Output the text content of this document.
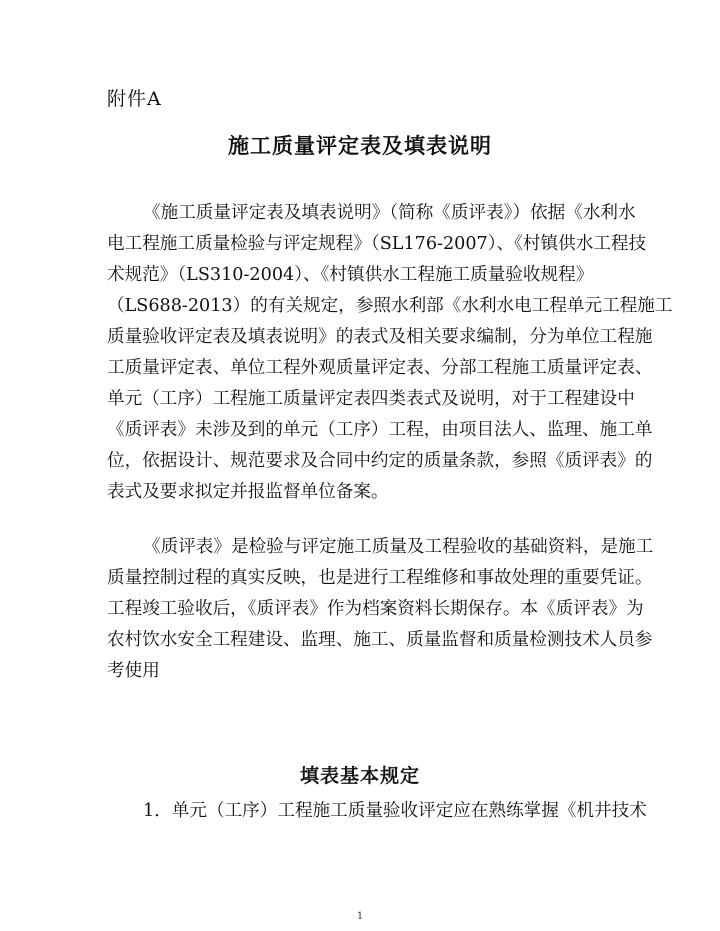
附件A
施工质量评定表及填表说明
《施工质量评定表及填表说明》（简称《质评表》）依据《水利水
电工程施工质量检验与评定规程》（SL176-2007）、《村镇供水工程技
术规范》（LS310-2004）、《村镇供水工程施工质量验收规程》
（LS688-2013）的有关规定，参照水利部《水利水电工程单元工程施工
质量验收评定表及填表说明》的表式及相关要求编制，分为单位工程施
工质量评定表、单位工程外观质量评定表、分部工程施工质量评定表、
单元（工序）工程施工质量评定表四类表式及说明，对于工程建设中
《质评表》未涉及到的单元（工序）工程，由项目法人、监理、施工单
位，依据设计、规范要求及合同中约定的质量条款，参照《质评表》的
表式及要求拟定并报监督单位备案。
《质评表》是检验与评定施工质量及工程验收的基础资料，是施工
质量控制过程的真实反映，也是进行工程维修和事故处理的重要凭证。
工程竣工验收后，《质评表》作为档案资料长期保存。本《质评表》为
农村饮水安全工程建设、监理、施工、质量监督和质量检测技术人员参
考使用
填表基本规定
1．单元（工序）工程施工质量验收评定应在熟练掌握《机井技术
1
